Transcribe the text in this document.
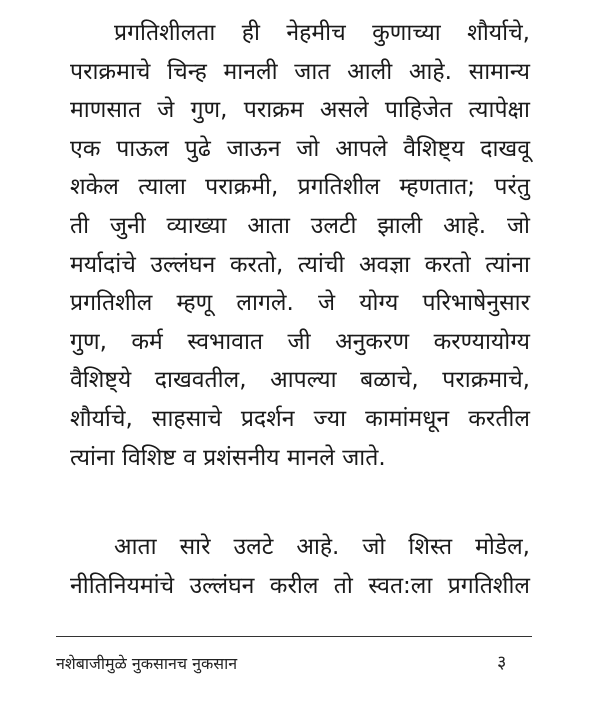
प्रगतिशीलता ही नेहमीच कुणाच्या शौर्याचे,
पराक्रमाचे चिन्ह मानली जात आली आहे. सामान्य
माणसात जे गुण, पराक्रम असले पाहिजेत त्यापेक्षा
एक पाऊल पुढे जाऊन जो आपले वैशिष्ट्य दाखवू
शकेल त्याला पराक्रमी, प्रगतिशील म्हणतात; परंतु
ती जुनी व्याख्या आता उलटी झाली आहे. जो
मर्यादांचे उल्लंघन करतो, त्यांची अवज्ञा करतो त्यांना
प्रगतिशील म्हणू लागले. जे योग्य परिभाषेनुसार
गुण, कर्म स्वभावात जी अनुकरण करण्यायोग्य
वैशिष्ट्ये दाखवतील, आपल्या बळाचे, पराक्रमाचे,
शौर्याचे, साहसाचे प्रदर्शन ज्या कामांमधून करतील
त्यांना विशिष्ट व प्रशंसनीय मानले जाते.

आता सारे उलटे आहे. जो शिस्त मोडेल,
नीतिनियमांचे उल्लंघन करील तो स्वत:ला प्रगतिशील

नशेबाजीमुळे नुकसानच नुकसान	३
